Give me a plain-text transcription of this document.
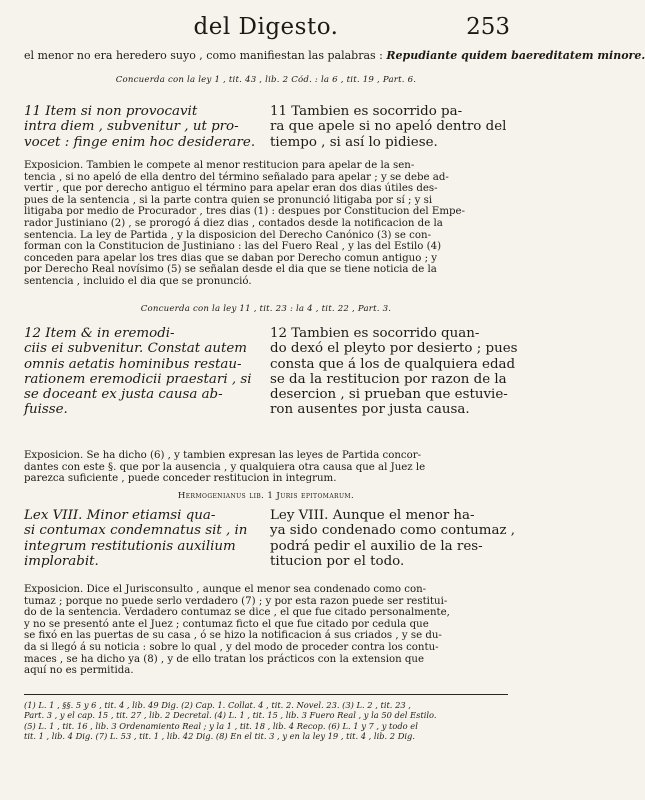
del Digesto.	253
el menor no era heredero suyo , como manifiestan las palabras : Repudiante quidem baereditatem minore.
Concuerda con la ley 1 , tit. 43 , lib. 2 Cód. : la 6 , tit. 19 , Part. 6.
11 Item si non provocavit
intra diem , subvenitur , ut pro-
vocet : finge enim hoc desiderare.
11 Tambien es socorrido pa-
ra que apele si no apeló dentro del
tiempo , si así lo pidiese.
Exposicion. Tambien le compete al menor restitucion para apelar de la sen-
tencia , si no apeló de ella dentro del término señalado para apelar ; y se debe ad-
vertir , que por derecho antiguo el término para apelar eran dos dias útiles des-
pues de la sentencia , si la parte contra quien se pronunció litigaba por sí ; y si
litigaba por medio de Procurador , tres dias (1) : despues por Constitucion del Empe-
rador Justiniano (2) , se prorogó á diez dias , contados desde la notificacion de la
sentencia. La ley de Partida , y la disposicion del Derecho Canónico (3) se con-
forman con la Constitucion de Justiniano : las del Fuero Real , y las del Estilo (4)
conceden para apelar los tres dias que se daban por Derecho comun antiguo ; y
por Derecho Real novísimo (5) se señalan desde el dia que se tiene noticia de la
sentencia , incluido el dia que se pronunció.
Concuerda con la ley 11 , tit. 23 : la 4 , tit. 22 , Part. 3.
12 Item & in eremodi-
ciis ei subvenitur. Constat autem
omnis aetatis hominibus restau-
rationem eremodicii praestari , si
se doceant ex justa causa ab-
fuisse.
12 Tambien es socorrido quan-
do dexó el pleyto por desierto ; pues
consta que á los de qualquiera edad
se da la restitucion por razon de la
desercion , si prueban que estuvie-
ron ausentes por justa causa.
Exposicion. Se ha dicho (6) , y tambien expresan las leyes de Partida concor-
dantes con este §. que por la ausencia , y qualquiera otra causa que al Juez le
parezca suficiente , puede conceder restitucion in integrum.
Hermogenianus lib. 1 Juris epitomarum.
Lex VIII. Minor etiamsi qua-
si contumax condemnatus sit , in
integrum restitutionis auxilium
implorabit.
Ley VIII. Aunque el menor ha-
ya sido condenado como contumaz ,
podrá pedir el auxilio de la res-
titucion por el todo.
Exposicion. Dice el Jurisconsulto , aunque el menor sea condenado como con-
tumaz ; porque no puede serlo verdadero (7) ; y por esta razon puede ser restitui-
do de la sentencia. Verdadero contumaz se dice , el que fue citado personalmente,
y no se presentó ante el Juez ; contumaz ficto el que fue citado por cedula que
se fixó en las puertas de su casa , ó se hizo la notificacion á sus criados , y se du-
da si llegó á su noticia : sobre lo qual , y del modo de proceder contra los contu-
maces , se ha dicho ya (8) , y de ello tratan los prácticos con la extension que
aquí no es permitida.
(1) L. 1 , §§. 5 y 6 , tit. 4 , lib. 49 Dig. (2) Cap. 1. Collat. 4 , tit. 2. Novel. 23. (3) L. 2 , tit. 23 ,
Part. 3 , y el cap. 15 , tit. 27 , lib. 2 Decretal. (4) L. 1 , tit. 15 , lib. 3 Fuero Real , y la 50 del Estilo.
(5) L. 1 , tit. 16 , lib. 3 Ordenamiento Real ; y la 1 , tit. 18 , lib. 4 Recop. (6) L. 1 y 7 , y todo el
tit. 1 , lib. 4 Dig. (7) L. 53 , tit. 1 , lib. 42 Dig. (8) En el tit. 3 , y en la ley 19 , tit. 4 , lib. 2 Dig.
